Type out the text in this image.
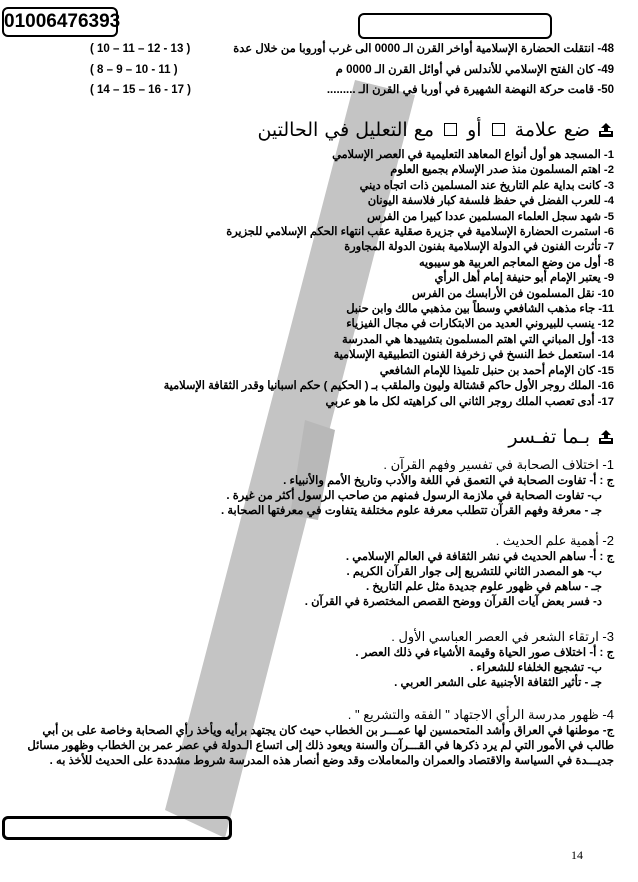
01006476393
48- انتقلت الحضارة الإسلامية أواخر القرن الـ 0000 الى غرب أوروبا من خلال عدة
( 10 – 11 – 12 - 13 )
49- كان الفتح الإسلامي للأندلس في أوائل القرن الـ 0000 م
( 8 – 9 – 10 - 11 )
50- قامت حركة النهضة الشهيرة في أوربا في القرن الـ .........
( 14 – 15 – 16 - 17 )
ضع علامة  أو  مع التعليل في الحالتين
1- المسجد هو أول أنواع المعاهد التعليمية في العصر الإسلامي
2- اهتم المسلمون منذ صدر الإسلام بجميع العلوم
3- كانت بداية علم التاريخ عند المسلمين ذات اتجاه ديني
4- للعرب الفضل في حفظ فلسفة كبار فلاسفة اليونان
5- شهد سجل العلماء المسلمين عددا كبيرا من الفرس
6- استمرت الحضارة الإسلامية في جزيرة صقلية عقب انتهاء الحكم الإسلامي للجزيرة
7- تأثرت الفنون في الدولة الإسلامية بفنون الدولة المجاورة
8- أول من وضع المعاجم العربية هو سيبويه
9- يعتبر الإمام أبو حنيفة إمام أهل الرأي
10- نقل المسلمون فن الأرابسك من الفرس
11- جاء مذهب الشافعي وسطاً بين مذهبي مالك وابن حنبل
12- ينسب للبيروني العديد من الابتكارات في مجال الفيزياء
13- أول المباني التي اهتم المسلمون بتشييدها هي المدرسة
14- استعمل خط النسخ في زخرفة الفنون التطبيقية الإسلامية
15- كان الإمام أحمد بن حنبل تلميذا للإمام الشافعي
16- الملك روجر الأول حاكم قشتالة وليون والملقب بـ ( الحكيم ) حكم اسبانيا وقدر الثقافة الإسلامية
17- أدى تعصب الملك روجر الثاني الى كراهيته لكل ما هو عربي
بـما تفـسر
1- اختلاف الصحابة في تفسير وفهم القرآن .
ج : أ- تفاوت الصحابة في التعمق في اللغة والأدب وتاريخ الأمم والأنبياء .
ب- تفاوت الصحابة في ملازمة الرسول فمنهم من صاحب الرسول أكثر من غيرة .
جـ - معرفة وفهم القرآن تتطلب معرفة علوم مختلفة يتفاوت في معرفتها الصحابة .
2- أهمية علم الحديث .
ج : أ- ساهم الحديث في نشر الثقافة في العالم الإسلامي .
ب- هو المصدر الثاني للتشريع إلى جوار القرآن الكريم .
جـ - ساهم في ظهور علوم جديدة مثل علم التاريخ .
د- فسر بعض آيات القرآن ووضح القصص المختصرة في القرآن .
3- ارتقاء الشعر في العصر العباسي الأول .
ج : أ- اختلاف صور الحياة وقيمة الأشياء في ذلك العصر .
ب- تشجيع الخلفاء للشعراء .
جـ - تأثير الثقافة الأجنبية على الشعر العربي .
4- ظهور مدرسة الرأي الاجتهاد " الفقه والتشريع " .
ج- موطنها في العراق وأشد المتحمسين لها عمـــر بن الخطاب حيث كان يجتهد برأيه ويأخذ رأي الصحابة وخاصة على بن أبي طالب في الأمور التي لم يرد ذكرها في القـــرآن والسنة ويعود ذلك إلى اتساع الـدولة في عصر عمر بن الخطاب وظهور مسائل جديـــدة في السياسة والاقتصاد والعمران والمعاملات وقد وضع أنصار هذه المدرسة شروط مشددة على الحديث للأخذ به .
14
